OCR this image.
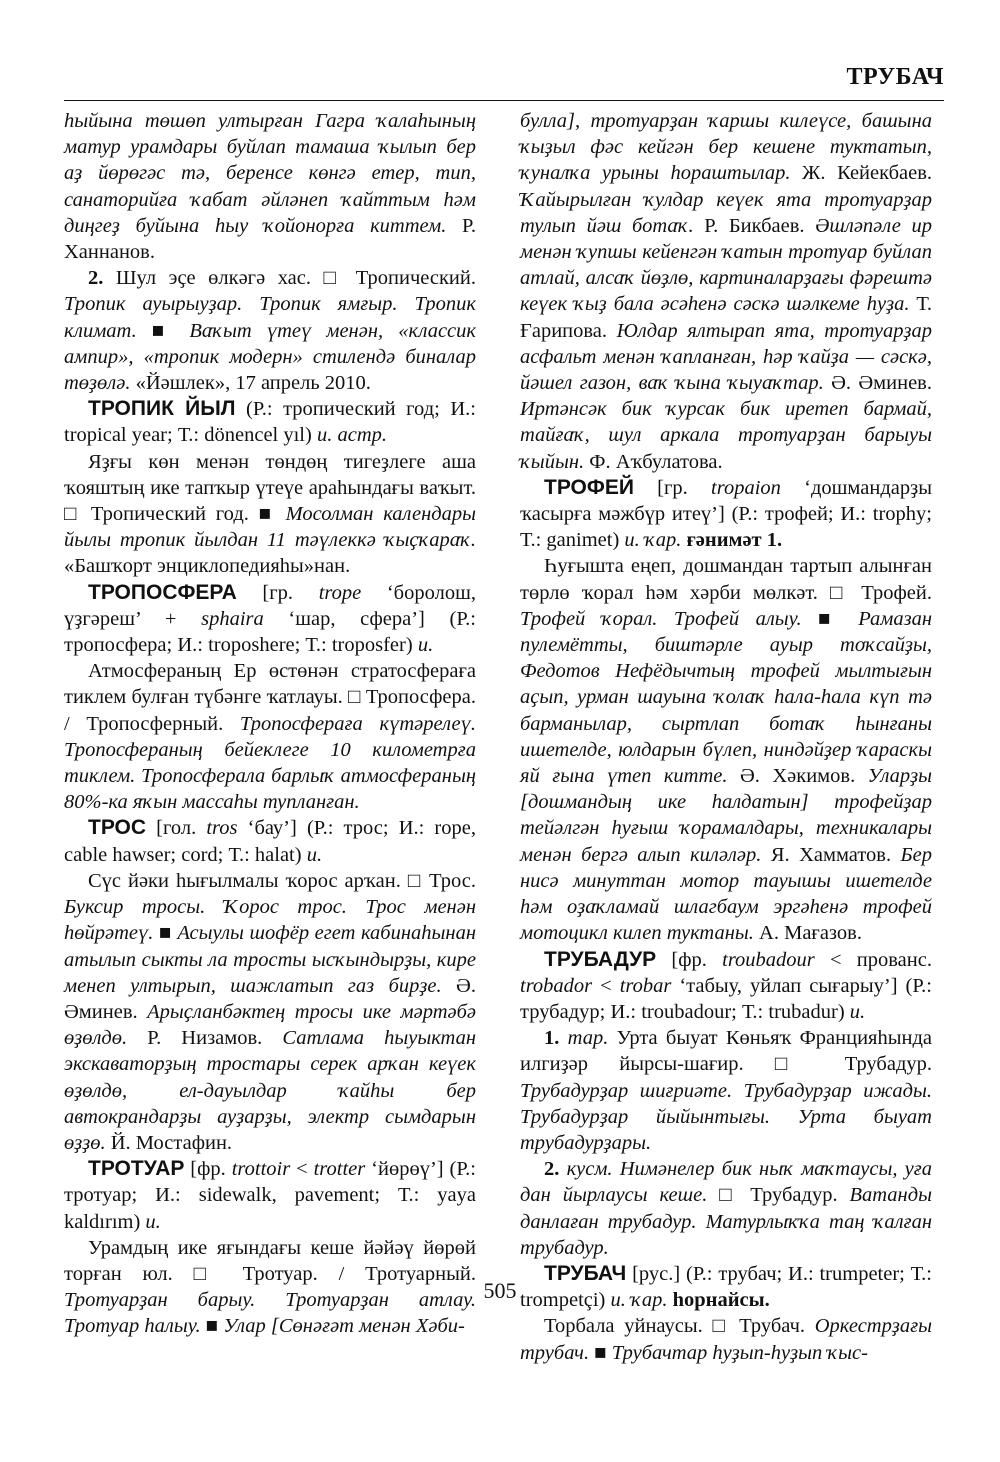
ТРУБАЧ

hыйына төшөп ултырған Гагра ҡалаhының матур урамдары буйлап тамаша ҡылып бер аҙ йөрөгәс тә, беренсе көнгә етер, тип, санаторийға ҡабат әйләнеп ҡайттым һәм диңгеҙ буйына hыу ҡойонорға киттем. Р. Ханнанов.

2. Шул эҫе өлкәгә хас. □ Тропический. Тропик ауырыуҙар. Тропик ямғыр. Тропик климат. ■ Ваҡыт үтеү менән, «классик ампир», «тропик модерн» стилендә биналар төҙөлә. «Йәшлек», 17 апрель 2010.

ТРОПИК ЙЫЛ (Р.: тропический год; И.: tropical year; Т.: dönencel yıl) и. астр.

Яҙғы көн менән төндөң тигеҙлеге аша ҡояштың ике тапҡыр үтеүе араhындағы ваҡыт. □ Тропический год. ■ Мосолман календары йылы тропик йылдан 11 тәүлеккә ҡыҫҡараҡ. «Башҡорт энциклопедияhы»нан.

ТРОПОСФЕРА [гр. trope ‘боролош, үҙгәреш’ + sphaira ‘шар, сфера’] (Р.: тропосфера; И.: troposhere; Т.: troposfer) и.

Атмосфераның Ер өстөнән стратосфераға тиклем булған түбәнге ҡатлауы. □ Тропосфера. / Тропосферный. Тропосфераға күтәрелеү. Тропосфераның бейеклеге 10 километрға тиклем. Тропосферала барлыҡ атмосфераның 80%-ка яҡын массаhы тупланған.

ТРОС [гол. tros ‘бау’] (Р.: трос; И.: rope, cable hawser; cord; Т.: halat) и.

Сүс йәки hығылмалы ҡорос арҡан. □ Трос. Буксир тросы. Ҡорос трос. Трос менән hөйрәтеү. ■ Асыулы шофёр егет кабинаhынан атылып сыкты ла тросты ысҡындырҙы, кире менеп ултырып, шажлатып газ бирҙе. Ә. Әминев. Арыҫланбәктең тросы ике мәртәбә өҙөлдө. Р. Низамов. Сатлама hыуыктан экскаваторҙың тростары серек арҡан кеүек өҙөлдө, ел-дауылдар ҡайhы бер автокрандарҙы ауҙарҙы, электр сымдарын өҙҙө. Й. Мостафин.

ТРОТУАР [фр. trottoir < trotter ‘йөрөү’] (Р.: тротуар; И.: sidewalk, pavement; Т.: yaya kaldırım) и.

Урамдың ике яғындағы кеше йәйәү йөрөй торған юл. □ Тротуар. / Тротуарный. Тротуарҙан барыу. Тротуарҙан атлау. Тротуар hалыу. ■ Улар [Сөнәғәт менән Хәби-

булла], тротуарҙан ҡаршы килеүсе, башына ҡыҙыл фәс кейгән бер кешене туктатып, ҡуналҡа урыны hораштылар. Ж. Кейекбаев. Ҡайырылған ҡулдар кеүек ята тротуарҙар тулып йәш ботаҡ. Р. Бикбаев. Әшләпәле ир менән ҡупшы кейенгән ҡатын тротуар буйлап атлай, алсаҡ йөҙлө, картиналарҙағы фәрештә кеүек ҡыҙ бала әсәhенә сәскә шәлкеме hуҙа. Т. Ғарипова. Юлдар ялтырап ята, тротуарҙар асфальт менән ҡапланған, hәр ҡайҙа — сәскә, йәшел газон, ваҡ ҡына ҡыуаҡтар. Ә. Әминев. Иртәнсәк бик ҡурсак бик иретеп бармай, тайғаҡ, шул аркала тротуарҙан барыуы ҡыйын. Ф. Аҡбулатова.

ТРОФЕЙ [гр. tropaion ‘дошмандарҙы ҡасырға мәжбүр итеү’] (Р.: трофей; И.: trophy; Т.: ganimet) и. ҡар. ғәнимәт 1.

Һуғышта еңеп, дошмандан тартып алынған төрлө ҡорал hәм хәрби мөлкәт. □ Трофей. Трофей ҡорал. Трофей алыу. ■ Рамазан пулемётты, биштәрле ауыр тоҡсайҙы, Федотов Нефёдычтың трофей мылтығын аҫып, урман шауына ҡолаҡ hала-hала күп тә барманылар, сыртлап ботаҡ hынғаны ишетелде, юлдарын бүлеп, ниндәйҙер ҡараскы яй ғына үтеп китте. Ә. Хәкимов. Уларҙы [дошмандың ике hалдатын] трофейҙар тейәлгән hуғыш ҡорамалдары, техникалары менән бергә алып киләләр. Я. Хамматов. Бер нисә минуттан мотор тауышы ишетелде hәм оҙаҡламай шлагбаум эргәhенә трофей мотоцикл килеп туктаны. А. Мағазов.

ТРУБАДУР [фр. troubadour < прованс. trobador < trobar ‘табыу, уйлап сығарыу’] (Р.: трубадур; И.: troubadour; Т.: trubadur) и.

1. тар. Урта быуат Көньяҡ Францияhында илгиҙәр йырсы-шағир. □ Трубадур. Трубадурҙар шиғриәте. Трубадурҙар ижады. Трубадурҙар йыйынтығы. Урта быуат трубадурҙары.

2. кусм. Нимәнелер бик ныҡ маҡтаусы, уға дан йырлаусы кеше. □ Трубадур. Ватанды данлаған трубадур. Матурлыҡҡа таң ҡалған трубадур.

ТРУБАЧ [рус.] (Р.: трубач; И.: trumpeter; Т.: trompetçi) и. ҡар. hорнайсы.

Торбала уйнаусы. □ Трубач. Оркестрҙағы трубач. ■ Трубачтар hуҙып-hуҙып ҡыс-

505
